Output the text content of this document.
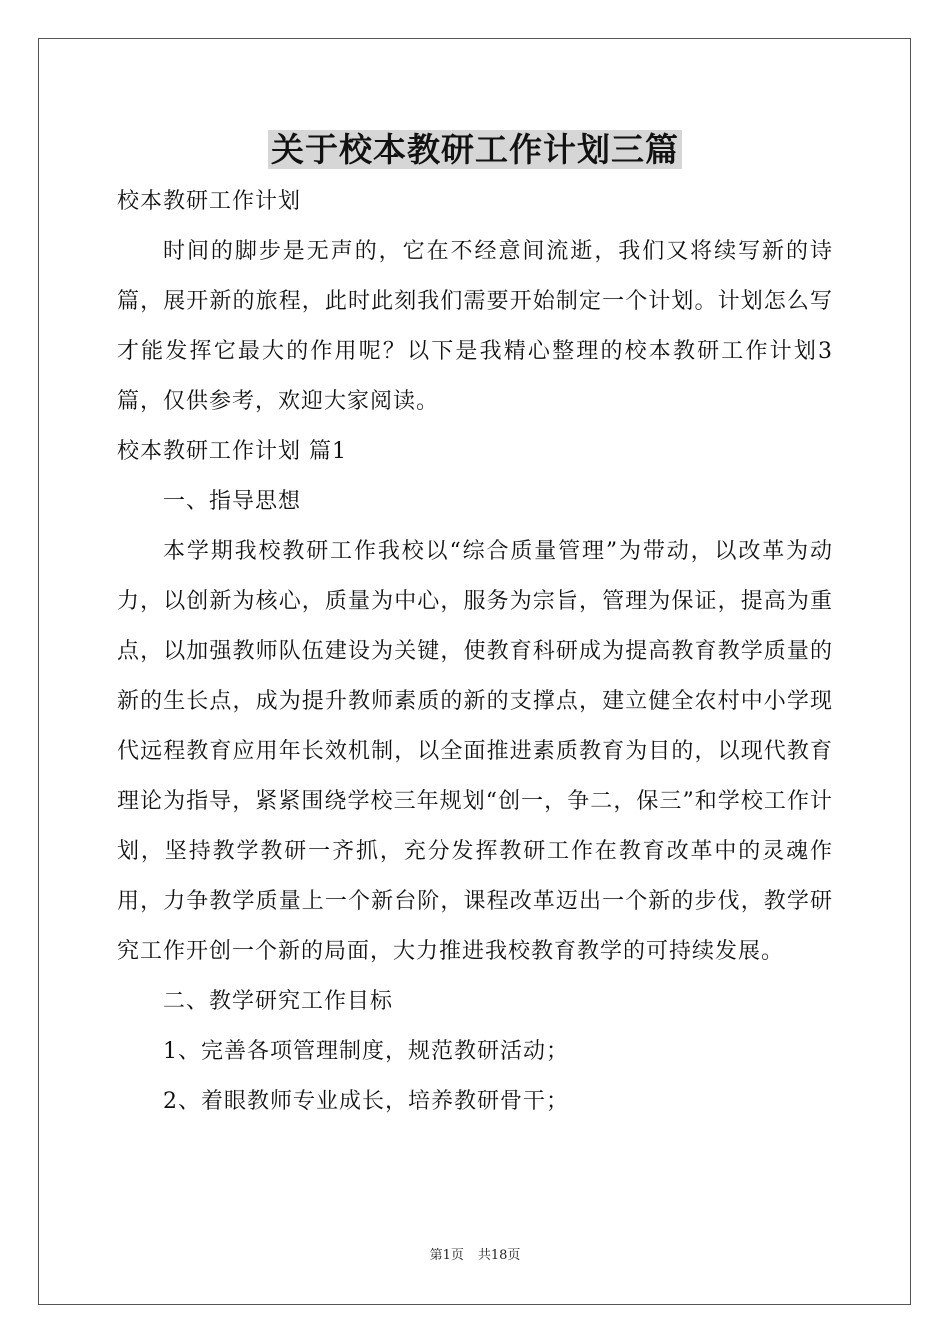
关于校本教研工作计划三篇

校本教研工作计划

时间的脚步是无声的，它在不经意间流逝，我们又将续写新的诗篇，展开新的旅程，此时此刻我们需要开始制定一个计划。计划怎么写才能发挥它最大的作用呢？以下是我精心整理的校本教研工作计划3篇，仅供参考，欢迎大家阅读。

校本教研工作计划 篇1

一、指导思想

本学期我校教研工作我校以“综合质量管理”为带动，以改革为动力，以创新为核心，质量为中心，服务为宗旨，管理为保证，提高为重点，以加强教师队伍建设为关键，使教育科研成为提高教育教学质量的新的生长点，成为提升教师素质的新的支撑点，建立健全农村中小学现代远程教育应用年长效机制，以全面推进素质教育为目的，以现代教育理论为指导，紧紧围绕学校三年规划“创一，争二，保三”和学校工作计划，坚持教学教研一齐抓，充分发挥教研工作在教育改革中的灵魂作用，力争教学质量上一个新台阶，课程改革迈出一个新的步伐，教学研究工作开创一个新的局面，大力推进我校教育教学的可持续发展。

二、教学研究工作目标

1、完善各项管理制度，规范教研活动；

2、着眼教师专业成长，培养教研骨干；

第1页 共18页
